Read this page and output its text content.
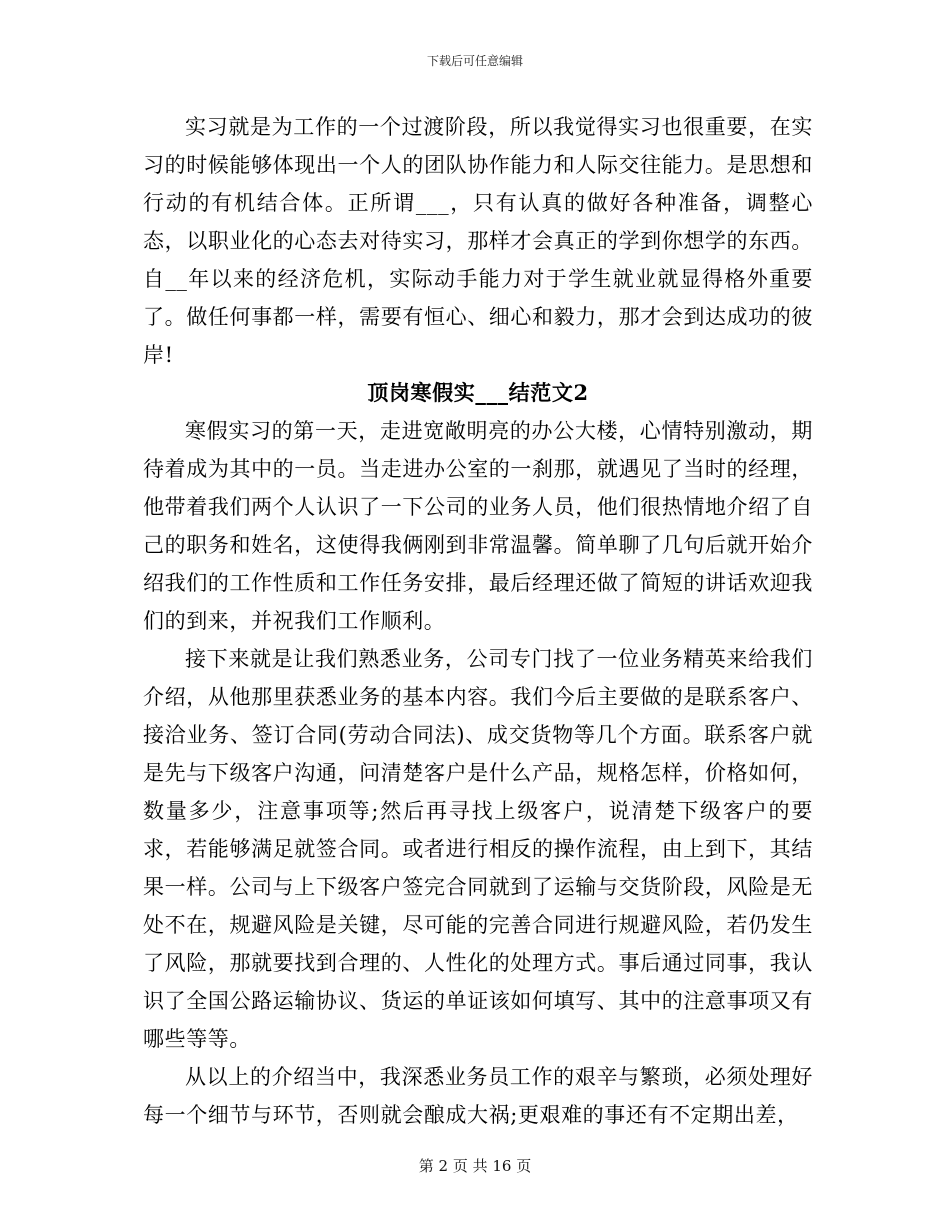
下载后可任意编辑

实习就是为工作的一个过渡阶段，所以我觉得实习也很重要，在实习的时候能够体现出一个人的团队协作能力和人际交往能力。是思想和行动的有机结合体。正所谓___，只有认真的做好各种准备，调整心态，以职业化的心态去对待实习，那样才会真正的学到你想学的东西。自__年以来的经济危机，实际动手能力对于学生就业就显得格外重要了。做任何事都一样，需要有恒心、细心和毅力，那才会到达成功的彼岸!

顶岗寒假实___结范文2

寒假实习的第一天，走进宽敞明亮的办公大楼，心情特别激动，期待着成为其中的一员。当走进办公室的一刹那，就遇见了当时的经理，他带着我们两个人认识了一下公司的业务人员，他们很热情地介绍了自己的职务和姓名，这使得我俩刚到非常温馨。简单聊了几句后就开始介绍我们的工作性质和工作任务安排，最后经理还做了简短的讲话欢迎我们的到来，并祝我们工作顺利。

接下来就是让我们熟悉业务，公司专门找了一位业务精英来给我们介绍，从他那里获悉业务的基本内容。我们今后主要做的是联系客户、接洽业务、签订合同(劳动合同法)、成交货物等几个方面。联系客户就是先与下级客户沟通，问清楚客户是什么产品，规格怎样，价格如何，数量多少，注意事项等;然后再寻找上级客户，说清楚下级客户的要求，若能够满足就签合同。或者进行相反的操作流程，由上到下，其结果一样。公司与上下级客户签完合同就到了运输与交货阶段，风险是无处不在，规避风险是关键，尽可能的完善合同进行规避风险，若仍发生了风险，那就要找到合理的、人性化的处理方式。事后通过同事，我认识了全国公路运输协议、货运的单证该如何填写、其中的注意事项又有哪些等等。

从以上的介绍当中，我深悉业务员工作的艰辛与繁琐，必须处理好每一个细节与环节，否则就会酿成大祸;更艰难的事还有不定期出差，

第 2 页 共 16 页
